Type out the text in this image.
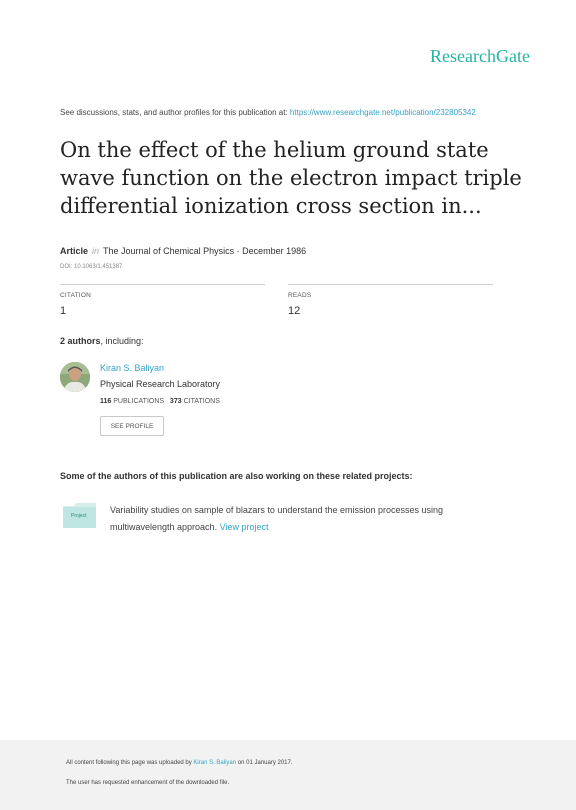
ResearchGate
See discussions, stats, and author profiles for this publication at: https://www.researchgate.net/publication/232805342
On the effect of the helium ground state wave function on the electron impact triple differential ionization cross section in...
Article in The Journal of Chemical Physics · December 1986
DOI: 10.1063/1.451387
CITATION
1
READS
12
2 authors, including:
Kiran S. Baliyan
Physical Research Laboratory
116 PUBLICATIONS 373 CITATIONS
SEE PROFILE
Some of the authors of this publication are also working on these related projects:
Project
Variability studies on sample of blazars to understand the emission processes using multiwavelength approach. View project
All content following this page was uploaded by Kiran S. Baliyan on 01 January 2017.
The user has requested enhancement of the downloaded file.
